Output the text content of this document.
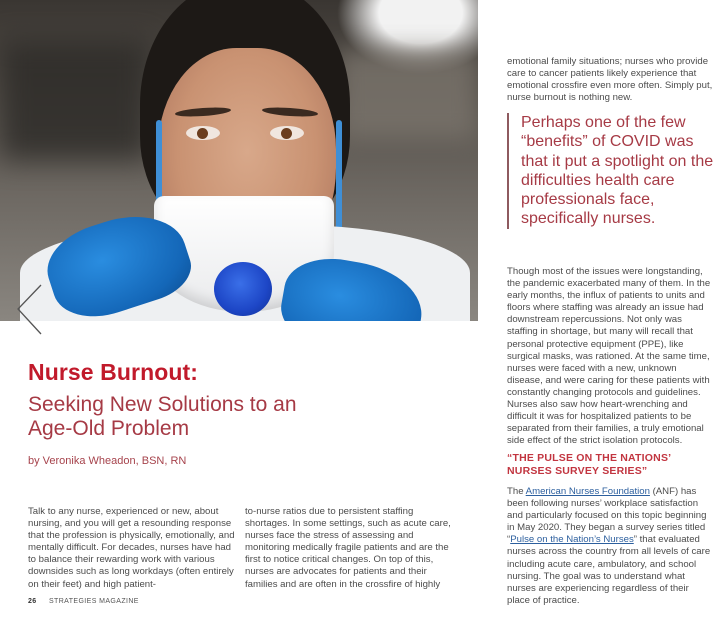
Nurse Burnout:
Seeking New Solutions to an Age-Old Problem
by Veronika Wheadon, BSN, RN

Talk to any nurse, experienced or new, about nursing, and you will get a resounding response that the profession is physically, emotionally, and mentally difficult. For decades, nurses have had to balance their rewarding work with various downsides such as long workdays (often entirely on their feet) and high patient-

to-nurse ratios due to persistent staffing shortages. In some settings, such as acute care, nurses face the stress of assessing and monitoring medically fragile patients and are the first to notice critical changes. On top of this, nurses are advocates for patients and their families and are often in the crossfire of highly

26 STRATEGIES MAGAZINE

emotional family situations; nurses who provide care to cancer patients likely experience that emotional crossfire even more often. Simply put, nurse burnout is nothing new.

Perhaps one of the few “benefits” of COVID was that it put a spotlight on the difficulties health care professionals face, specifically nurses.

Though most of the issues were longstanding, the pandemic exacerbated many of them. In the early months, the influx of patients to units and floors where staffing was already an issue had downstream repercussions. Not only was staffing in shortage, but many will recall that personal protective equipment (PPE), like surgical masks, was rationed. At the same time, nurses were faced with a new, unknown disease, and were caring for these patients with constantly changing protocols and guidelines. Nurses also saw how heart-wrenching and difficult it was for hospitalized patients to be separated from their families, a truly emotional side effect of the strict isolation protocols.

“THE PULSE ON THE NATIONS’ NURSES SURVEY SERIES”

The American Nurses Foundation (ANF) has been following nurses’ workplace satisfaction and particularly focused on this topic beginning in May 2020. They began a survey series titled “Pulse on the Nation’s Nurses” that evaluated nurses across the country from all levels of care including acute care, ambulatory, and school nursing. The goal was to understand what nurses are experiencing regardless of their place of practice.
